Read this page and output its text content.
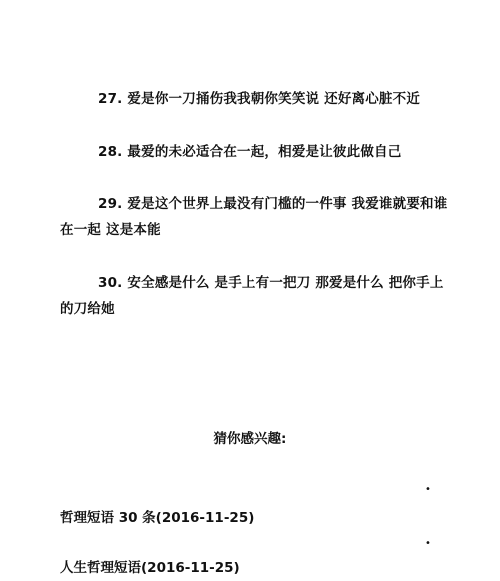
27. 爱是你一刀捅伤我我朝你笑笑说 还好离心脏不近
28. 最爱的未必适合在一起，相爱是让彼此做自己
29. 爱是这个世界上最没有门槛的一件事 我爱谁就要和谁
在一起 这是本能
30. 安全感是什么 是手上有一把刀 那爱是什么 把你手上
的刀给她
猜你感兴趣:
•
哲理短语 30 条(2016-11-25)
•
人生哲理短语(2016-11-25)
